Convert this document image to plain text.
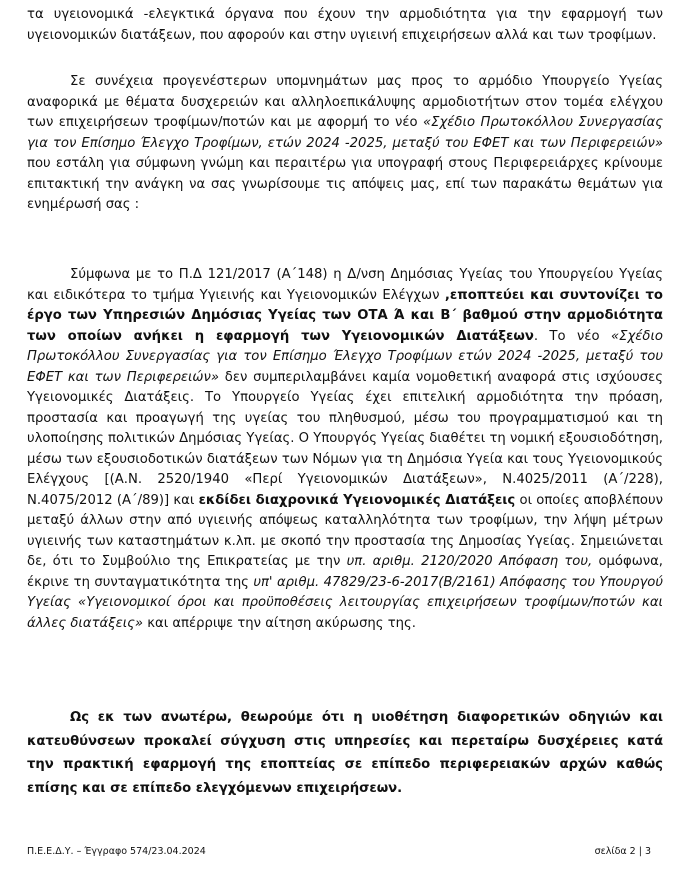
τα υγειονομικά -ελεγκτικά όργανα που έχουν την αρμοδιότητα για την εφαρμογή των υγειονομικών διατάξεων, που αφορούν και στην υγιεινή επιχειρήσεων αλλά και των τροφίμων.

Σε συνέχεια προγενέστερων υπομνημάτων μας προς το αρμόδιο Υπουργείο Υγείας αναφορικά με θέματα δυσχερειών και αλληλοεπικάλυψης αρμοδιοτήτων στον τομέα ελέγχου των επιχειρήσεων τροφίμων/ποτών και με αφορμή το νέο «Σχέδιο Πρωτοκόλλου Συνεργασίας για τον Επίσημο Έλεγχο Τροφίμων, ετών 2024 -2025, μεταξύ του ΕΦΕΤ και των Περιφερειών» που εστάλη για σύμφωνη γνώμη και περαιτέρω για υπογραφή στους Περιφερειάρχες κρίνουμε επιτακτική την ανάγκη να σας γνωρίσουμε τις απόψεις μας, επί των παρακάτω θεμάτων για ενημέρωσή σας :

Σύμφωνα με το Π.Δ 121/2017 (Α΄148) η Δ/νση Δημόσιας Υγείας του Υπουργείου Υγείας και ειδικότερα το τμήμα Υγιεινής και Υγειονομικών Ελέγχων ,εποπτεύει και συντονίζει το έργο των Υπηρεσιών Δημόσιας Υγείας των ΟΤΑ Ά και Β΄ βαθμού στην αρμοδιότητα των οποίων ανήκει η εφαρμογή των Υγειονομικών Διατάξεων. Το νέο «Σχέδιο Πρωτοκόλλου Συνεργασίας για τον Επίσημο Έλεγχο Τροφίμων ετών 2024 -2025, μεταξύ του ΕΦΕΤ και των Περιφερειών» δεν συμπεριλαμβάνει καμία νομοθετική αναφορά στις ισχύουσες Υγειονομικές Διατάξεις. Το Υπουργείο Υγείας έχει επιτελική αρμοδιότητα την πρόαση, προστασία και προαγωγή της υγείας του πληθυσμού, μέσω του προγραμματισμού και τη υλοποίησης πολιτικών Δημόσιας Υγείας. Ο Υπουργός Υγείας διαθέτει τη νομική εξουσιοδότηση, μέσω των εξουσιοδοτικών διατάξεων των Νόμων για τη Δημόσια Υγεία και τους Υγειονομικούς Ελέγχους [(Α.Ν. 2520/1940 «Περί Υγειονομικών Διατάξεων», Ν.4025/2011 (Α΄/228), Ν.4075/2012 (Α΄/89)] και εκδίδει διαχρονικά Υγειονομικές Διατάξεις οι οποίες αποβλέπουν μεταξύ άλλων στην από υγιεινής απόψεως καταλληλότητα των τροφίμων, την λήψη μέτρων υγιεινής των καταστημάτων κ.λπ. με σκοπό την προστασία της Δημοσίας Υγείας. Σημειώνεται δε, ότι το Συμβούλιο της Επικρατείας με την υπ. αριθμ. 2120/2020 Απόφαση του, ομόφωνα, έκρινε τη συνταγματικότητα της υπ' αριθμ. 47829/23-6-2017(Β/2161) Απόφασης του Υπουργού Υγείας «Υγειονομικοί όροι και προϋποθέσεις λειτουργίας επιχειρήσεων τροφίμων/ποτών και άλλες διατάξεις» και απέρριψε την αίτηση ακύρωσης της.

Ως εκ των ανωτέρω, θεωρούμε ότι η υιοθέτηση διαφορετικών οδηγιών και κατευθύνσεων προκαλεί σύγχυση στις υπηρεσίες και περεταίρω δυσχέρειες κατά την πρακτική εφαρμογή της εποπτείας σε επίπεδο περιφερειακών αρχών καθώς επίσης και σε επίπεδο ελεγχόμενων επιχειρήσεων.

Π.Ε.Ε.Δ.Υ. – Έγγραφο 574/23.04.2024	σελίδα 2 | 3
